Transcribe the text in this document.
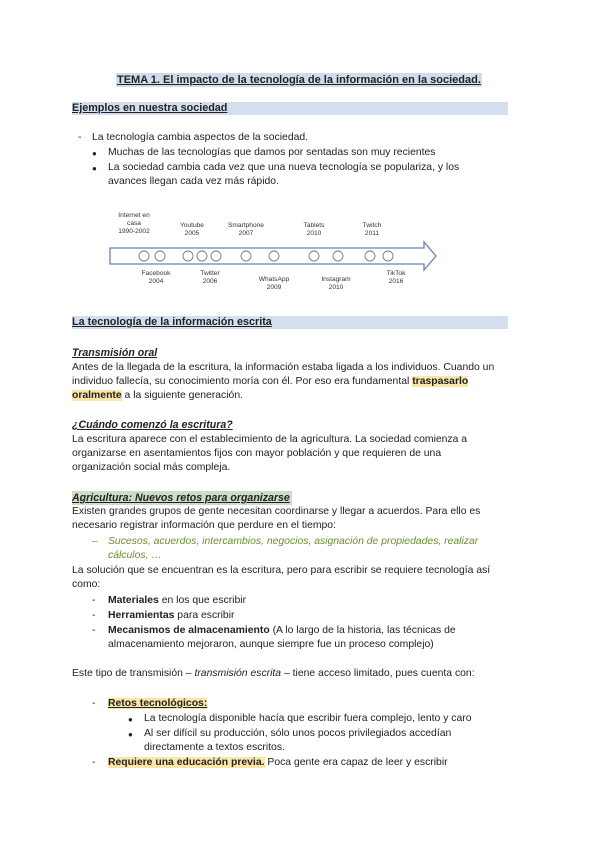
TEMA 1. El impacto de la tecnología de la información en la sociedad.
Ejemplos en nuestra sociedad
- La tecnología cambia aspectos de la sociedad.
● Muchas de las tecnologías que damos por sentadas son muy recientes
● La sociedad cambia cada vez que una nueva tecnología se populariza, y los
avances llegan cada vez más rápido.
Internet en
casa
1990-2002
Youtube
2005
Smartphone
2007
Tablets
2010
Twitch
2011
Facebook
2004
Twitter
2006	WhatsApp
2009
Instagram
2010
TikTok
2016
La tecnología de la información escrita
Transmisión oral
Antes de la llegada de la escritura, la información estaba ligada a los individuos. Cuando un
individuo fallecía, su conocimiento moría con él. Por eso era fundamental traspasarlo
oralmente a la siguiente generación.
¿Cuándo comenzó la escritura?
La escritura aparece con el establecimiento de la agricultura. La sociedad comienza a
organizarse en asentamientos fijos con mayor población y que requieren de una
organización social más compleja.
Agricultura: Nuevos retos para organizarse
Existen grandes grupos de gente necesitan coordinarse y llegar a acuerdos. Para ello es
necesario registrar información que perdure en el tiempo:
– Sucesos, acuerdos, intercambios, negocios, asignación de propiedades, realizar
cálculos, …
La solución que se encuentran es la escritura, pero para escribir se requiere tecnología así
como:
- Materiales en los que escribir
- Herramientas para escribir
- Mecanismos de almacenamiento (A lo largo de la historia, las técnicas de
almacenamiento mejoraron, aunque siempre fue un proceso complejo)
Este tipo de transmisión – transmisión escrita – tiene acceso limitado, pues cuenta con:
- Retos tecnológicos:
● La tecnología disponible hacía que escribir fuera complejo, lento y caro
● Al ser difícil su producción, sólo unos pocos privilegiados accedían
directamente a textos escritos.
- Requiere una educación previa. Poca gente era capaz de leer y escribir
